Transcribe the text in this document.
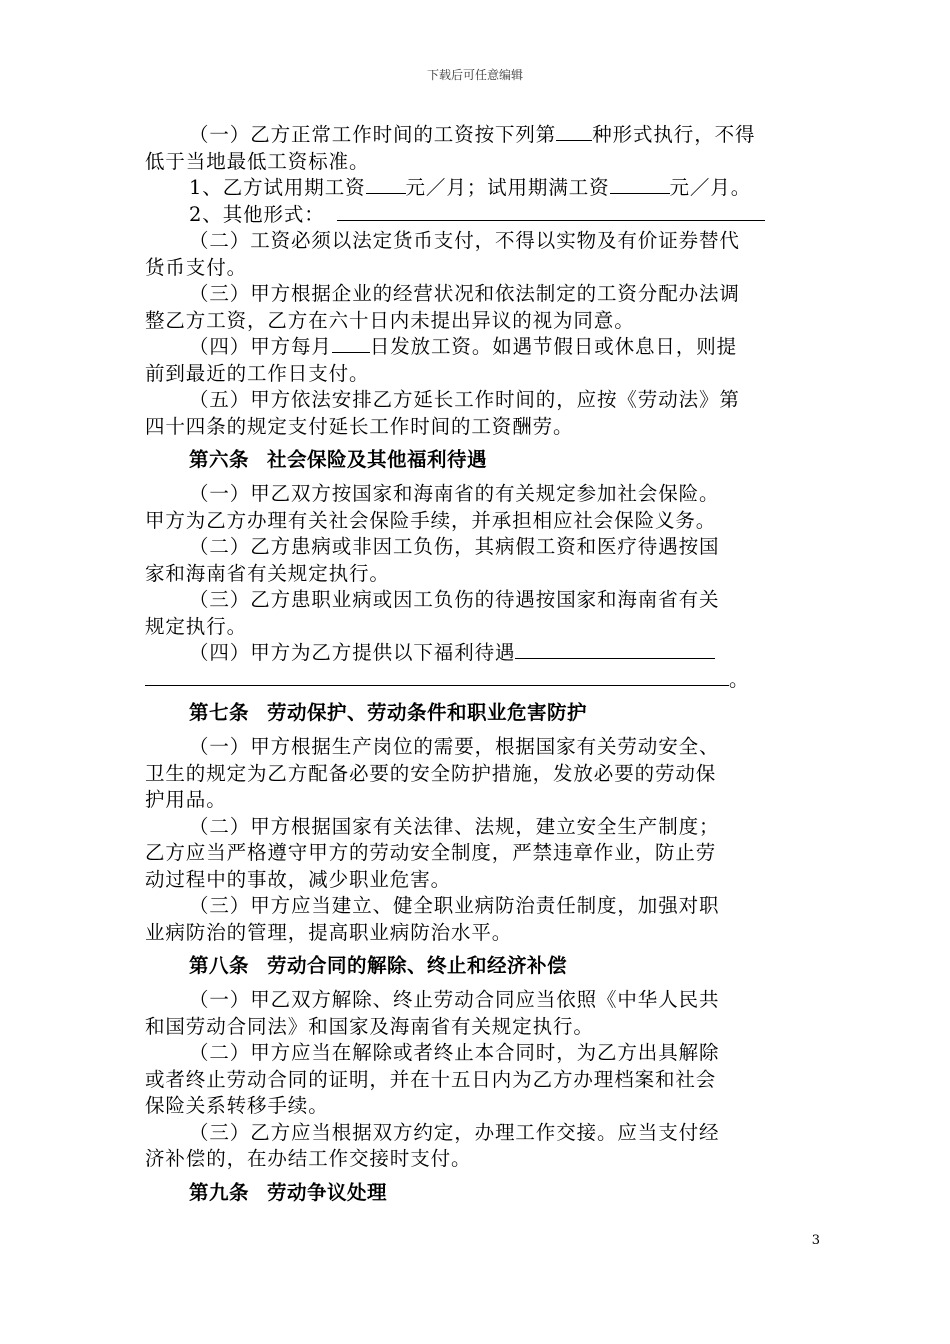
下载后可任意编辑
（一）乙方正常工作时间的工资按下列第 种形式执行，不得
低于当地最低工资标准。
1、乙方试用期工资 元／月；试用期满工资	元／月。
2、其他形式：
（二）工资必须以法定货币支付，不得以实物及有价证券替代
货币支付。
（三）甲方根据企业的经营状况和依法制定的工资分配办法调
整乙方工资，乙方在六十日内未提出异议的视为同意。
（四）甲方每月 日发放工资。如遇节假日或休息日，则提
前到最近的工作日支付。
（五）甲方依法安排乙方延长工作时间的，应按《劳动法》第
四十四条的规定支付延长工作时间的工资酬劳。
第六条 社会保险及其他福利待遇
（一）甲乙双方按国家和海南省的有关规定参加社会保险。
甲方为乙方办理有关社会保险手续，并承担相应社会保险义务。
（二）乙方患病或非因工负伤，其病假工资和医疗待遇按国
家和海南省有关规定执行。
（三）乙方患职业病或因工负伤的待遇按国家和海南省有关
规定执行。
（四）甲方为乙方提供以下福利待遇
。
第七条 劳动保护、劳动条件和职业危害防护
（一）甲方根据生产岗位的需要，根据国家有关劳动安全、
卫生的规定为乙方配备必要的安全防护措施，发放必要的劳动保
护用品。
（二）甲方根据国家有关法律、法规，建立安全生产制度；
乙方应当严格遵守甲方的劳动安全制度，严禁违章作业，防止劳
动过程中的事故，减少职业危害。
（三）甲方应当建立、健全职业病防治责任制度，加强对职
业病防治的管理，提高职业病防治水平。
第八条 劳动合同的解除、终止和经济补偿
（一）甲乙双方解除、终止劳动合同应当依照《中华人民共
和国劳动合同法》和国家及海南省有关规定执行。
（二）甲方应当在解除或者终止本合同时，为乙方出具解除
或者终止劳动合同的证明，并在十五日内为乙方办理档案和社会
保险关系转移手续。
（三）乙方应当根据双方约定，办理工作交接。应当支付经
济补偿的，在办结工作交接时支付。
第九条 劳动争议处理
3
